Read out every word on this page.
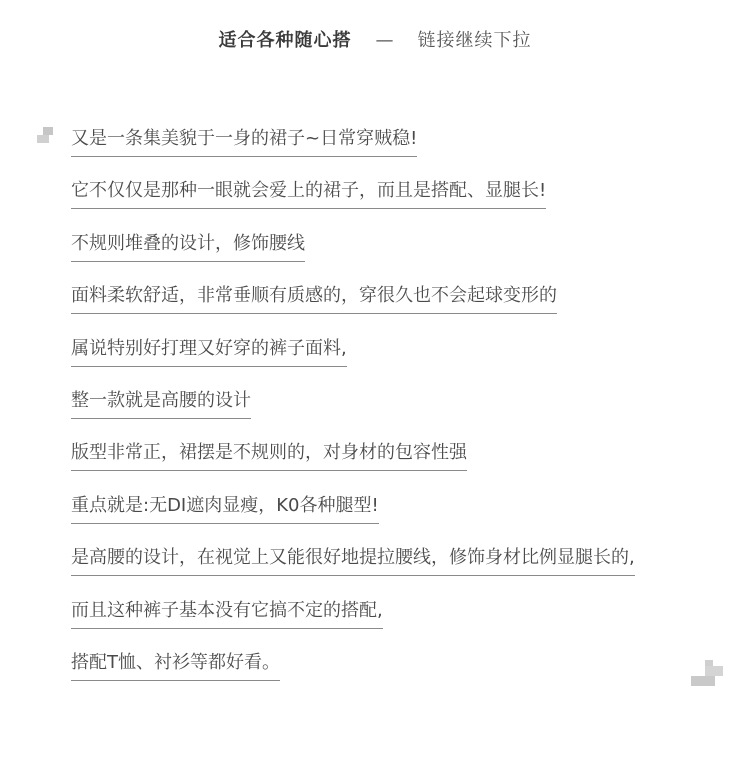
适合各种随心搭 — 链接继续下拉
又是一条集美貌于一身的裙子~日常穿贼稳!
它不仅仅是那种一眼就会爱上的裙子，而且是搭配、显腿长!
不规则堆叠的设计，修饰腰线
面料柔软舒适，非常垂顺有质感的，穿很久也不会起球变形的
属说特别好打理又好穿的裤子面料,
整一款就是高腰的设计
版型非常正，裙摆是不规则的，对身材的包容性强
重点就是:无DI遮肉显瘦，K0各种腿型!
是高腰的设计，在视觉上又能很好地提拉腰线，修饰身材比例显腿长的,
而且这种裤子基本没有它搞不定的搭配,
搭配T恤、衬衫等都好看。
